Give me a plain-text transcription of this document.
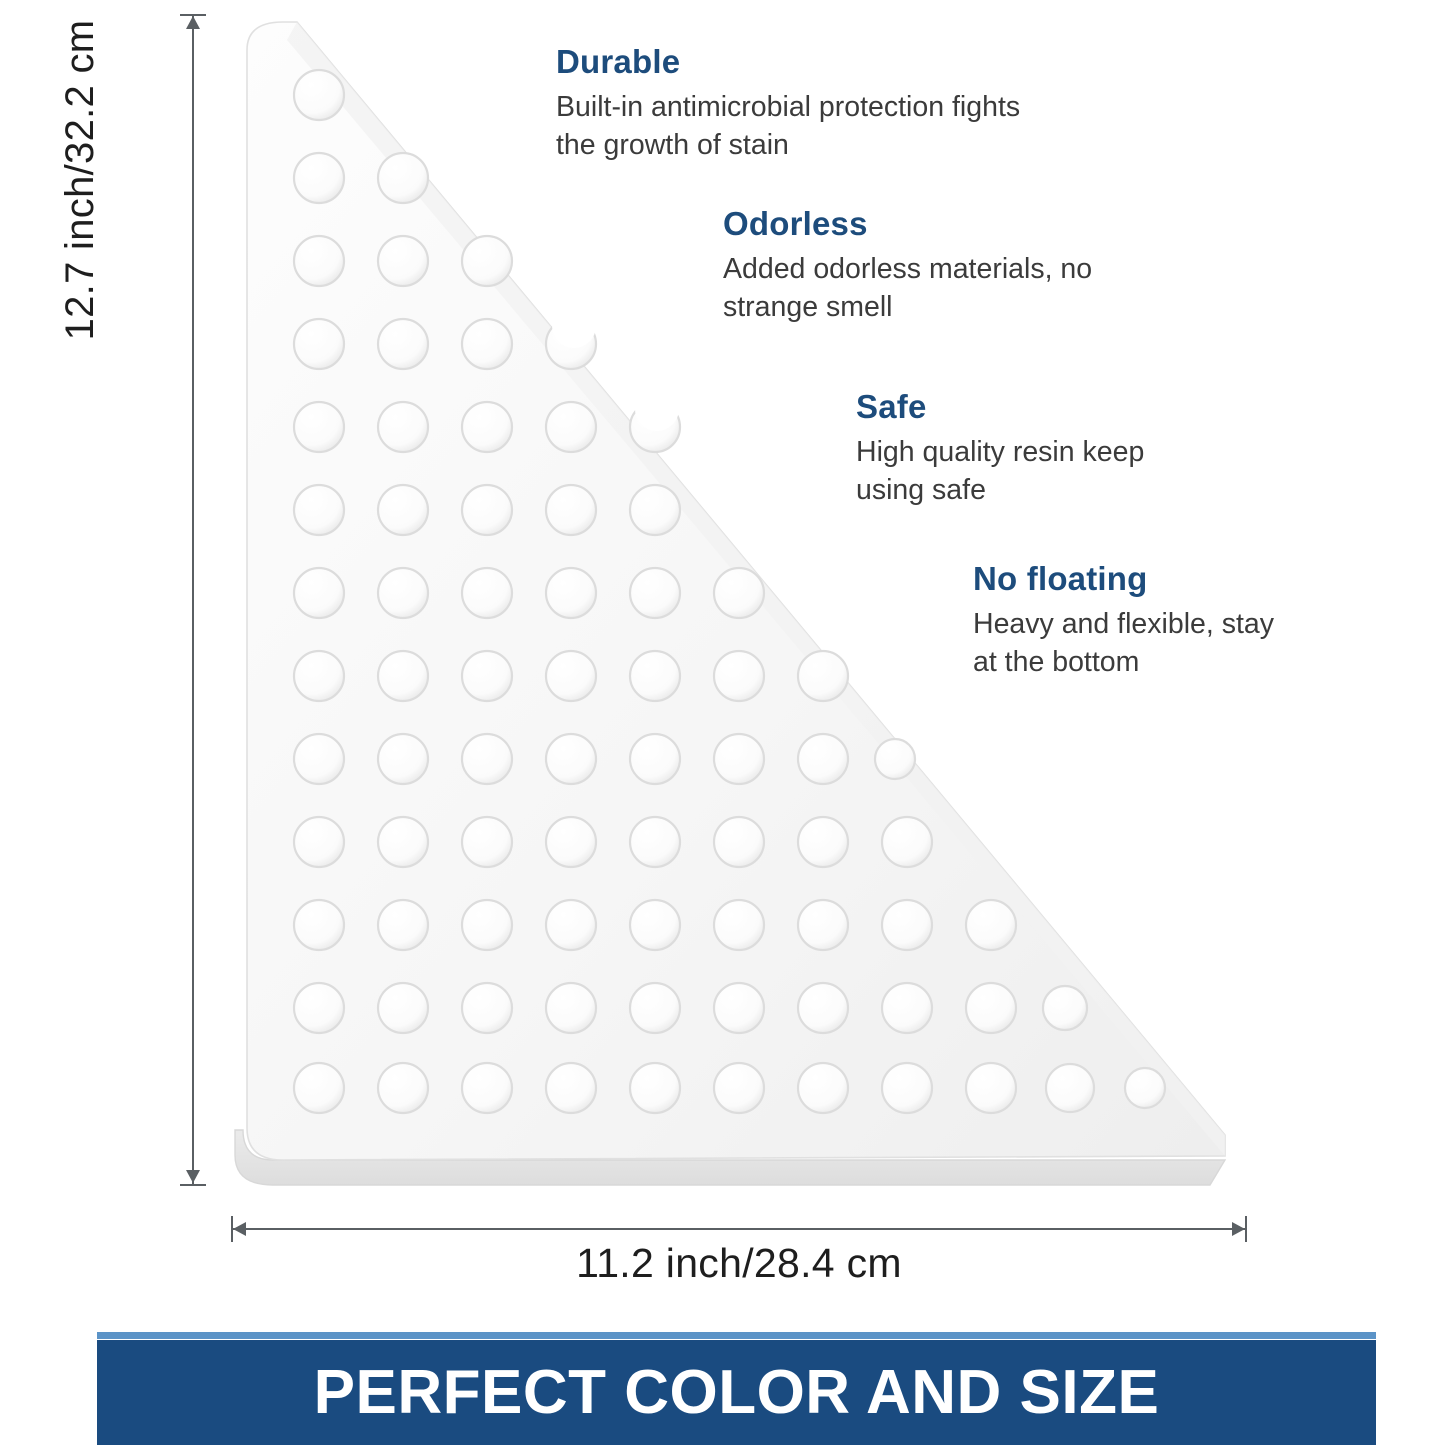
12.7 inch/32.2 cm
11.2 inch/28.4 cm
Durable

Built-in antimicrobial protection fights the growth of stain

Odorless

Added odorless materials, no strange smell

Safe

High quality resin keep using safe

No floating

Heavy and flexible, stay at the bottom

PERFECT COLOR AND SIZE
